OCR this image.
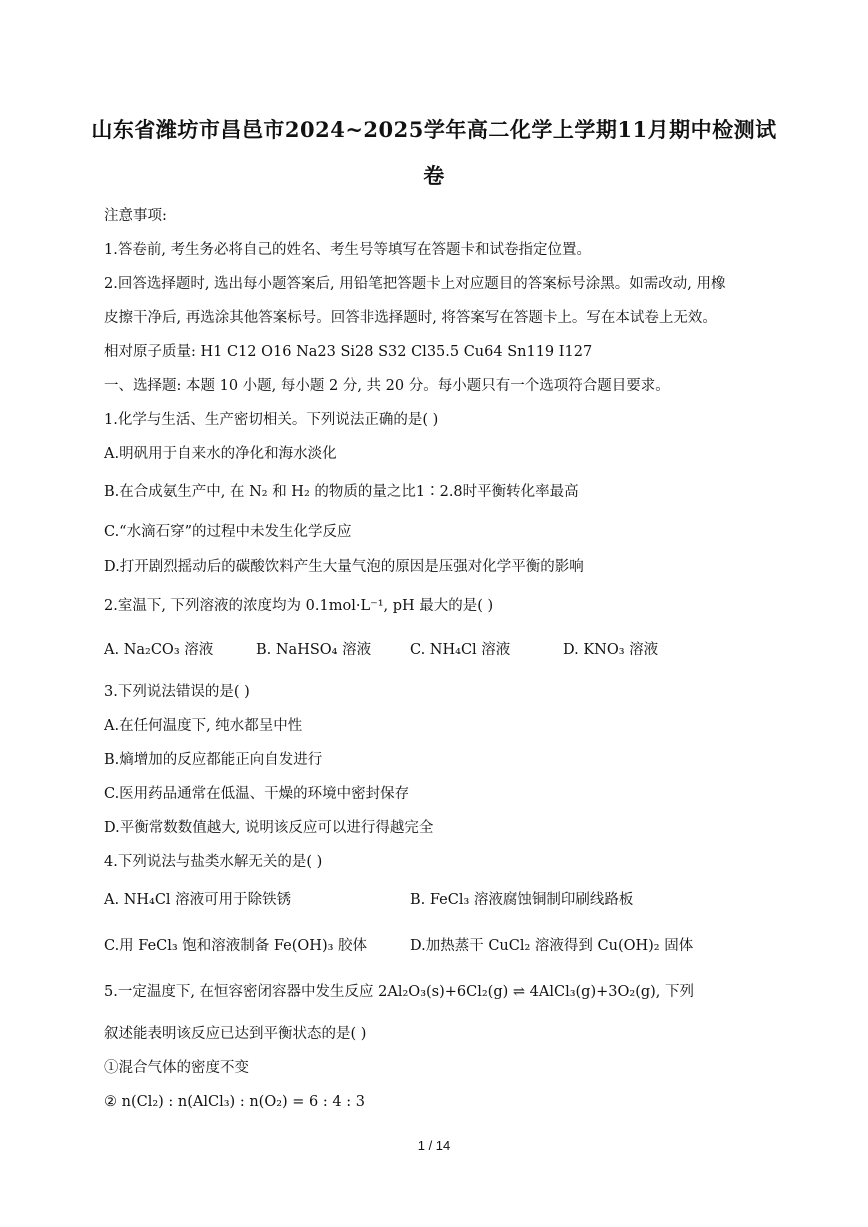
山东省潍坊市昌邑市2024~2025学年高二化学上学期11月期中检测试
卷
注意事项:
1.答卷前, 考生务必将自己的姓名、考生号等填写在答题卡和试卷指定位置。
2.回答选择题时, 选出每小题答案后, 用铅笔把答题卡上对应题目的答案标号涂黑。如需改动, 用橡
皮擦干净后, 再选涂其他答案标号。回答非选择题时, 将答案写在答题卡上。写在本试卷上无效。
相对原子质量: H1 C12 O16 Na23 Si28 S32 Cl35.5 Cu64 Sn119 I127
一、选择题: 本题 10 小题, 每小题 2 分, 共 20 分。每小题只有一个选项符合题目要求。
1.化学与生活、生产密切相关。下列说法正确的是( )
A.明矾用于自来水的净化和海水淡化
B.在合成氨生产中, 在 N₂ 和 H₂ 的物质的量之比1∶2.8时平衡转化率最高
C.“水滴石穿”的过程中未发生化学反应
D.打开剧烈摇动后的碳酸饮料产生大量气泡的原因是压强对化学平衡的影响
2.室温下, 下列溶液的浓度均为 0.1mol·L⁻¹, pH 最大的是( )
A. Na₂CO₃ 溶液	B. NaHSO₄ 溶液	C. NH₄Cl 溶液	D. KNO₃ 溶液
3.下列说法错误的是( )
A.在任何温度下, 纯水都呈中性
B.熵增加的反应都能正向自发进行
C.医用药品通常在低温、干燥的环境中密封保存
D.平衡常数数值越大, 说明该反应可以进行得越完全
4.下列说法与盐类水解无关的是( )
A. NH₄Cl 溶液可用于除铁锈	B. FeCl₃ 溶液腐蚀铜制印刷线路板
C.用 FeCl₃ 饱和溶液制备 Fe(OH)₃ 胶体	D.加热蒸干 CuCl₂ 溶液得到 Cu(OH)₂ 固体
5.一定温度下, 在恒容密闭容器中发生反应 2Al₂O₃(s)+6Cl₂(g) ⇌ 4AlCl₃(g)+3O₂(g), 下列
叙述能表明该反应已达到平衡状态的是( )
①混合气体的密度不变
② n(Cl₂) : n(AlCl₃) : n(O₂) = 6 : 4 : 3
1 / 14
